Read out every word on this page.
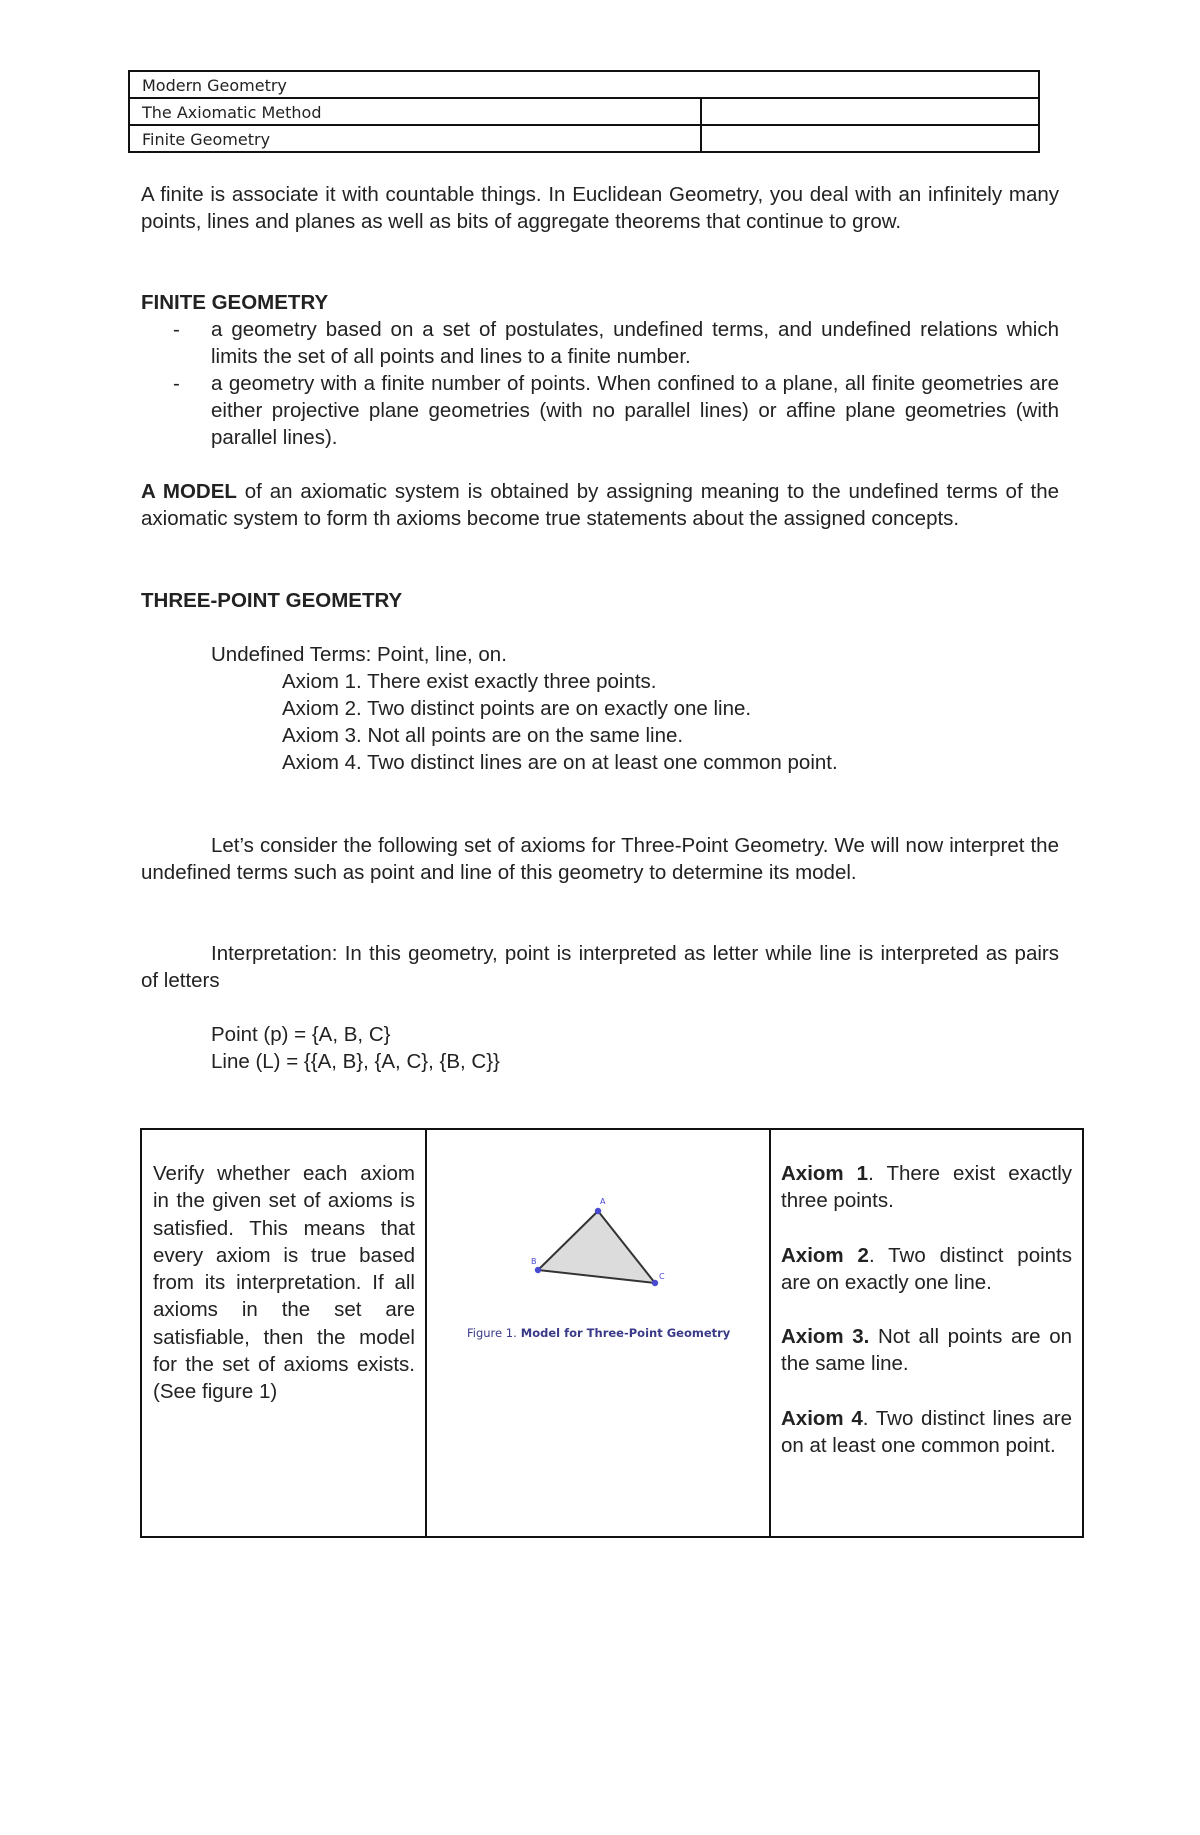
Modern Geometry	
The Axiomatic Method	
Finite Geometry	

A finite is associate it with countable things. In Euclidean Geometry, you deal with an infinitely many points, lines and planes as well as bits of aggregate theorems that continue to grow.

FINITE GEOMETRY
- a geometry based on a set of postulates, undefined terms, and undefined relations which limits the set of all points and lines to a finite number.
- a geometry with a finite number of points. When confined to a plane, all finite geometries are either projective plane geometries (with no parallel lines) or affine plane geometries (with parallel lines).

A MODEL of an axiomatic system is obtained by assigning meaning to the undefined terms of the axiomatic system to form th axioms become true statements about the assigned concepts.

THREE-POINT GEOMETRY
Undefined Terms: Point, line, on.
Axiom 1. There exist exactly three points.
Axiom 2. Two distinct points are on exactly one line.
Axiom 3. Not all points are on the same line.
Axiom 4. Two distinct lines are on at least one common point.

Let’s consider the following set of axioms for Three-Point Geometry. We will now interpret the undefined terms such as point and line of this geometry to determine its model.

Interpretation: In this geometry, point is interpreted as letter while line is interpreted as pairs of letters

Point (p) = {A, B, C}
Line (L) = {{A, B}, {A, C}, {B, C}}
Verify whether each axiom in the given set of axioms is satisfied. This means that every axiom is true based from its interpretation. If all axioms in the set are satisfiable, then the model for the set of axioms exists. (See figure 1)

A
B
C
Figure 1. Model for Three-Point Geometry

Axiom 1. There exist exactly three points.
Axiom 2. Two distinct points are on exactly one line.
Axiom 3. Not all points are on the same line.
Axiom 4. Two distinct lines are on at least one common point.
